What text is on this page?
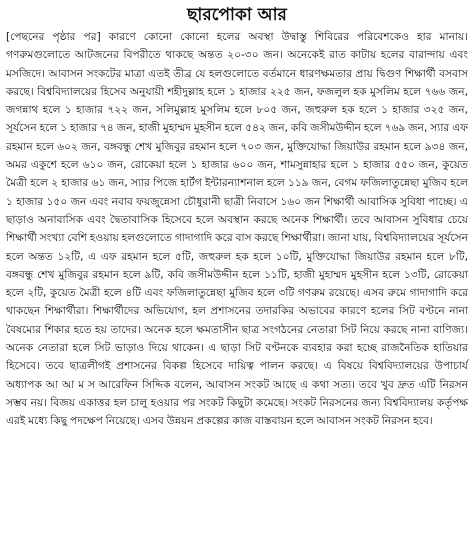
ছারপোকা আর

[পেছনের পৃষ্ঠার পর] কারণে কোনো কোনো হলের অবস্থা উদ্বাস্তু শিবিরের পরিবেশকেও হার মানায়। গণরুমগুলোতে আটজনের বিপরীতে থাকছে অন্তত ২০-৩০ জন। অনেকেই রাত কাটায় হলের বারান্দায় এবং মসজিদে। আবাসন সংকটের মাত্রা এতই তীব্র যে হলগুলোতে বর্তমানে ধারণক্ষমতার প্রায় দ্বিগুণ শিক্ষার্থী বসবাস করছে। বিশ্ববিদ্যালয়ের হিসেব অনুযায়ী শহীদুল্লাহ হলে ১ হাজার ২২৫ জন, ফজলুল হক মুসলিম হলে ৭৬৬ জন, জগন্নাথ হলে ১ হাজার ৭২২ জন, সলিমুল্লাহ মুসলিম হলে ৮০৫ জন, জহুরুল হক হলে ১ হাজার ৩২৫ জন, সূর্যসেন হলে ১ হাজার ৭৪ জন, হাজী মুহাম্মদ মুহসীন হলে ৫৪২ জন, কবি জসীমউদ্দীন হলে ৭৬৯ জন, স্যার এফ রহমান হলে ৬০২ জন, বঙ্গবন্ধু শেখ মুজিবুর রহমান হলে ৭০৩ জন, মুক্তিযোদ্ধা জিয়াউর রহমান হলে ৯৩৪ জন, অমর একুশে হলে ৬১০ জন, রোকেয়া হলে ১ হাজার ৬০০ জন, শামসুন্নাহার হলে ১ হাজার ৫৫০ জন, কুয়েত মৈত্রী হলে ২ হাজার ৬১ জন, স্যার পিজে হার্টগ ইন্টারন্যাশনাল হলে ১১৯ জন, বেগম ফজিলাতুন্নেছা মুজিব হলে ১ হাজার ১৫০ জন এবং নবাব ফয়জুন্নেসা চৌধুরানী ছাত্রী নিবাসে ১৬০ জন শিক্ষার্থী আবাসিক সুবিধা পাচ্ছে। এ ছাড়াও অনাবাসিক এবং দ্বৈতাবাসিক হিসেবে হলে অবস্থান করছে অনেক শিক্ষার্থী। তবে আবাসন সুবিধার চেয়ে শিক্ষার্থী সংখ্যা বেশি হওয়ায় হলগুলোতে গাদাগাদি করে বাস করছে শিক্ষার্থীরা। জানা যায়, বিশ্ববিদ্যালয়ের সূর্যসেন হলে অন্তত ১২টি, এ এফ রহমান হলে ৫টি, জহুরুল হক হলে ১০টি, মুক্তিযোদ্ধা জিয়াউর রহমান হলে ৮টি, বঙ্গবন্ধু শেখ মুজিবুর রহমান হলে ৯টি, কবি জসীমউদ্দীন হলে ১১টি, হাজী মুহাম্মদ মুহসীন হলে ১৩টি, রোকেয়া হলে ২টি, কুয়েত মৈত্রী হলে ৪টি এবং ফজিলাতুন্নেছা মুজিব হলে ৩টি গণরুম রয়েছে। এসব রুমে গাদাগাদি করে থাকছেন শিক্ষার্থীরা। শিক্ষার্থীদের অভিযোগ, হল প্রশাসনের তদারকির অভাবের কারণে হলের সিট বণ্টনে নানা বৈষম্যের শিকার হতে হয় তাদের। অনেক হলে ক্ষমতাসীন ছাত্র সংগঠনের নেতারা সিট নিয়ে করছে নানা বাণিজ্য। অনেক নেতারা হলে সিট ভাড়াও দিয়ে থাকেন। এ ছাড়া সিট বণ্টনকে ব্যবহার করা হচ্ছে রাজনৈতিক হাতিয়ার হিসেবে। তবে ছাত্রলীগই প্রশাসনের বিকল্প হিসেবে দায়িত্ব পালন করছে। এ বিষয়ে বিশ্ববিদ্যালয়ের উপাচার্য অধ্যাপক আ আ ম স আরেফিন সিদ্দিক বলেন, আবাসন সংকট আছে এ কথা সত্য। তবে খুব দ্রুত এটি নিরসন সম্ভব নয়। বিজয় একাত্তর হল চালু হওয়ার পর সংকট কিছুটা কমেছে। সংকট নিরসনের জন্য বিশ্ববিদ্যালয় কর্তৃপক্ষ এরই মধ্যে কিছু পদক্ষেপ নিয়েছে। এসব উন্নয়ন প্রকল্পের কাজ বাস্তবায়ন হলে আবাসন সংকট নিরসন হবে।
